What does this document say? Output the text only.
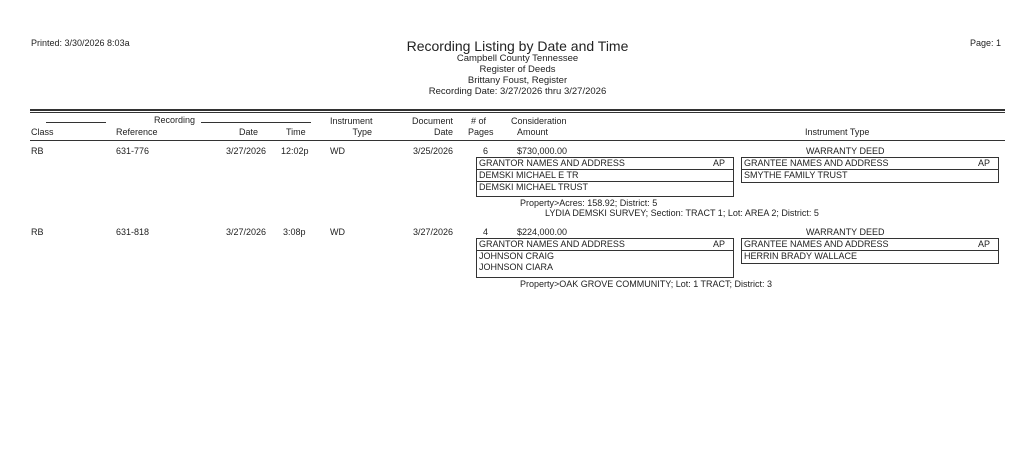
Printed: 3/30/2026 8:03a	Page: 1
Recording Listing by Date and Time
Campbell County Tennessee
Register of Deeds
Brittany Foust, Register
Recording Date: 3/27/2026 thru 3/27/2026
Recording
Class	Reference	Date	Time
Instrument
Type
Document
Date
# of
Pages
Consideration
Amount	Instrument Type
RB	631-776	3/27/2026 12:02p WD	3/25/2026	6	$730,000.00	WARRANTY DEED
GRANTOR NAMES AND ADDRESS	AP
DEMSKI MICHAEL E TR
DEMSKI MICHAEL TRUST
GRANTEE NAMES AND ADDRESS	AP
SMYTHE FAMILY TRUST
Property>Acres: 158.92; District: 5
LYDIA DEMSKI SURVEY; Section: TRACT 1; Lot: AREA 2; District: 5
RB	631-818	3/27/2026 3:08p	WD	3/27/2026	4	$224,000.00	WARRANTY DEED
GRANTOR NAMES AND ADDRESS	AP
JOHNSON CRAIG
JOHNSON CIARA
GRANTEE NAMES AND ADDRESS	AP
HERRIN BRADY WALLACE
Property>OAK GROVE COMMUNITY; Lot: 1 TRACT; District: 3
